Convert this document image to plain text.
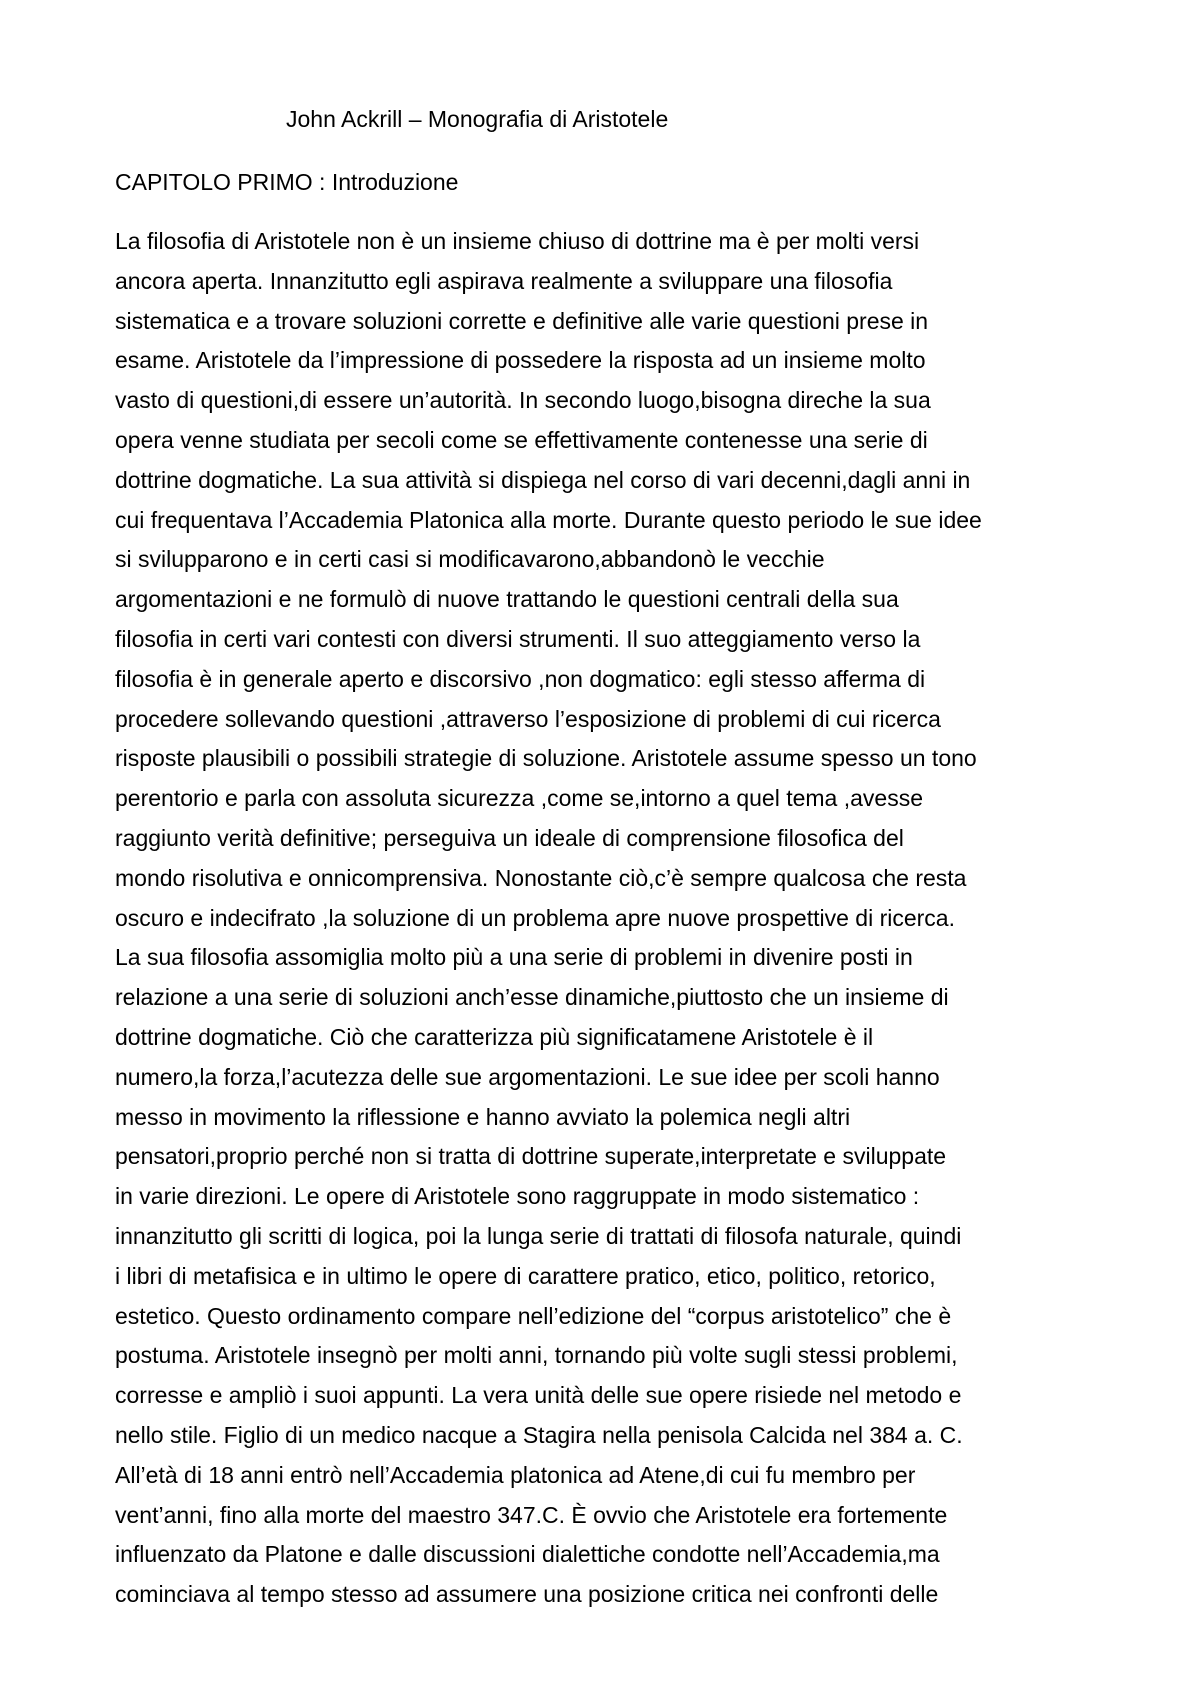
John Ackrill – Monografia di Aristotele
CAPITOLO PRIMO : Introduzione
La filosofia di Aristotele non è un insieme chiuso di dottrine ma è per molti versi
ancora aperta. Innanzitutto egli aspirava realmente a sviluppare una filosofia
sistematica e a trovare soluzioni corrette e definitive alle varie questioni prese in
esame. Aristotele da l’impressione di possedere la risposta ad un insieme molto
vasto di questioni,di essere un’autorità. In secondo luogo,bisogna direche la sua
opera venne studiata per secoli come se effettivamente contenesse una serie di
dottrine dogmatiche. La sua attività si dispiega nel corso di vari decenni,dagli anni in
cui frequentava l’Accademia Platonica alla morte. Durante questo periodo le sue idee
si svilupparono e in certi casi si modificavarono,abbandonò le vecchie
argomentazioni e ne formulò di nuove trattando le questioni centrali della sua
filosofia in certi vari contesti con diversi strumenti. Il suo atteggiamento verso la
filosofia è in generale aperto e discorsivo ,non dogmatico: egli stesso afferma di
procedere sollevando questioni ,attraverso l’esposizione di problemi di cui ricerca
risposte plausibili o possibili strategie di soluzione. Aristotele assume spesso un tono
perentorio e parla con assoluta sicurezza ,come se,intorno a quel tema ,avesse
raggiunto verità definitive; perseguiva un ideale di comprensione filosofica del
mondo risolutiva e onnicomprensiva. Nonostante ciò,c’è sempre qualcosa che resta
oscuro e indecifrato ,la soluzione di un problema apre nuove prospettive di ricerca.
La sua filosofia assomiglia molto più a una serie di problemi in divenire posti in
relazione a una serie di soluzioni anch’esse dinamiche,piuttosto che un insieme di
dottrine dogmatiche. Ciò che caratterizza più significatamene Aristotele è il
numero,la forza,l’acutezza delle sue argomentazioni. Le sue idee per scoli hanno
messo in movimento la riflessione e hanno avviato la polemica negli altri
pensatori,proprio perché non si tratta di dottrine superate,interpretate e sviluppate
in varie direzioni. Le opere di Aristotele sono raggruppate in modo sistematico :
innanzitutto gli scritti di logica, poi la lunga serie di trattati di filosofa naturale, quindi
i libri di metafisica e in ultimo le opere di carattere pratico, etico, politico, retorico,
estetico. Questo ordinamento compare nell’edizione del “corpus aristotelico” che è
postuma. Aristotele insegnò per molti anni, tornando più volte sugli stessi problemi,
corresse e ampliò i suoi appunti. La vera unità delle sue opere risiede nel metodo e
nello stile. Figlio di un medico nacque a Stagira nella penisola Calcida nel 384 a. C.
All’età di 18 anni entrò nell’Accademia platonica ad Atene,di cui fu membro per
vent’anni, fino alla morte del maestro 347.C. È ovvio che Aristotele era fortemente
influenzato da Platone e dalle discussioni dialettiche condotte nell’Accademia,ma
cominciava al tempo stesso ad assumere una posizione critica nei confronti delle
